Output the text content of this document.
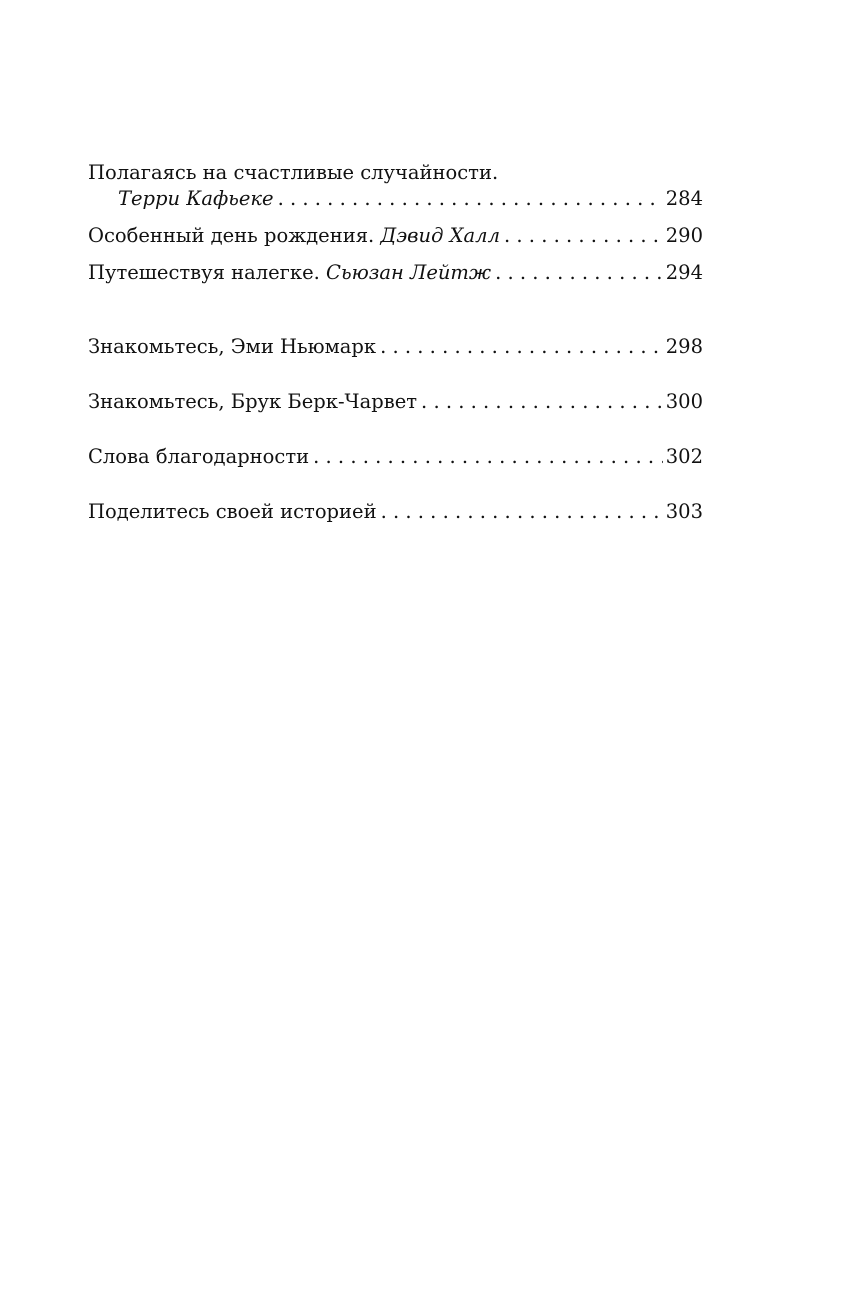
Полагаясь на счастливые случайности.
Терри Кафьеке . . .	284
Особенный день рождения. Дэвид Халл . . .	290
Путешествуя налегке. Сьюзан Лейтж . . .	294
Знакомьтесь, Эми Ньюмарк . . .	298
Знакомьтесь, Брук Берк-Чарвет . . .	300
Слова благодарности . . .	302
Поделитесь своей историей . . .	303
